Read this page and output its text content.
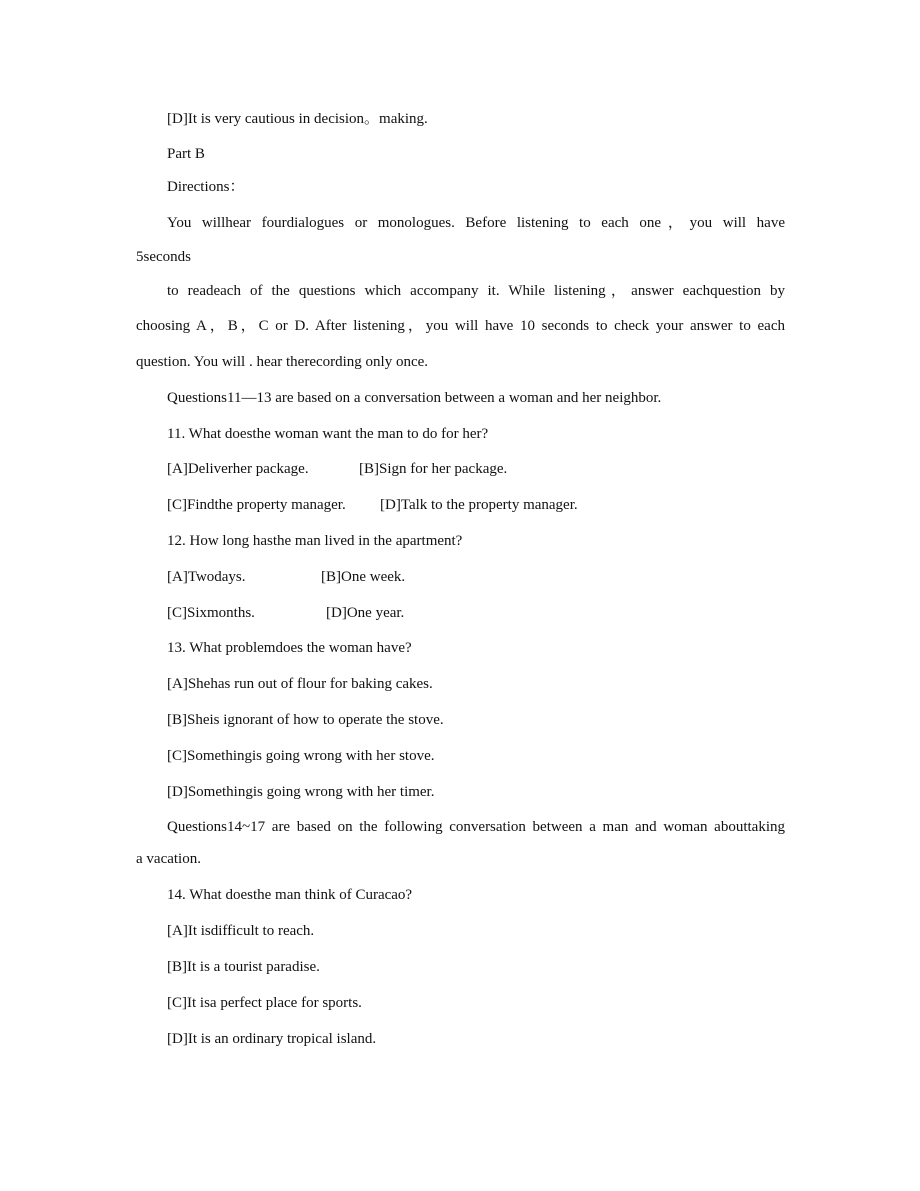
[D]It is very cautious in decision。making.
Part B
Directions：
You willhear fourdialogues or monologues. Before listening to each one，you will have
5seconds
to readeach of the questions which accompany it. While listening，answer eachquestion by
choosing A，B，C or D. After listening，you will have 10 seconds to check your answer to each
question. You will . hear therecording only once.
Questions11—13 are based on a conversation between a woman and her neighbor.
11. What doesthe woman want the man to do for her?
[A]Deliverher package.	[B]Sign for her package.
[C]Findthe property manager. [D]Talk to the property manager.
12. How long hasthe man lived in the apartment?
[A]Twodays.	[B]One week.
[C]Sixmonths.	[D]One year.
13. What problemdoes the woman have?
[A]Shehas run out of flour for baking cakes.
[B]Sheis ignorant of how to operate the stove.
[C]Somethingis going wrong with her stove.
[D]Somethingis going wrong with her timer.
Questions14~17 are based on the following conversation between a man and woman abouttaking
a vacation.
14. What doesthe man think of Curacao?
[A]It isdifficult to reach.
[B]It is a tourist paradise.
[C]It isa perfect place for sports.
[D]It is an ordinary tropical island.
